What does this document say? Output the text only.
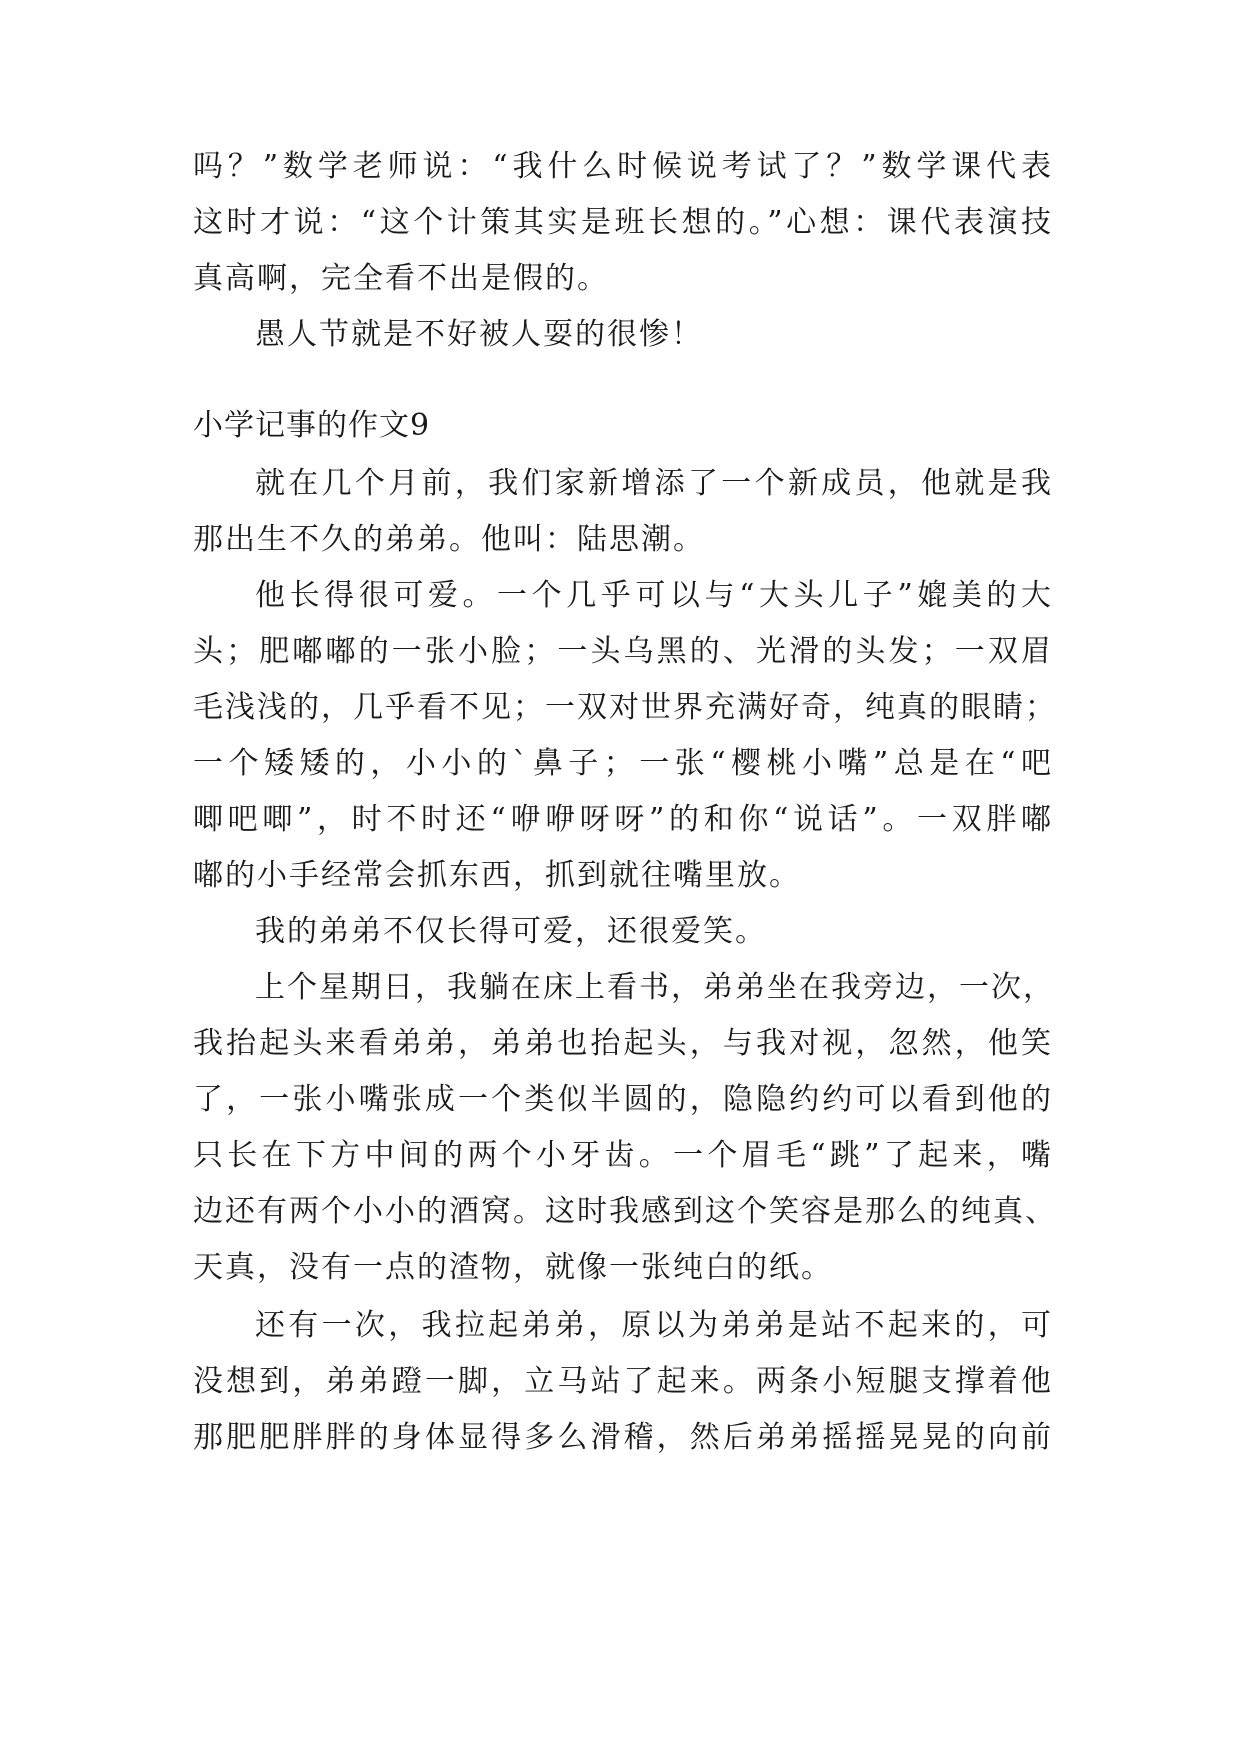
吗？”数学老师说：“我什么时候说考试了？”数学课代表
这时才说：“这个计策其实是班长想的。”心想：课代表演技
真高啊，完全看不出是假的。
愚人节就是不好被人耍的很惨！
小学记事的作文9
就在几个月前，我们家新增添了一个新成员，他就是我
那出生不久的弟弟。他叫：陆思潮。
他长得很可爱。一个几乎可以与“大头儿子”媲美的大
头；肥嘟嘟的一张小脸；一头乌黑的、光滑的头发；一双眉
毛浅浅的，几乎看不见；一双对世界充满好奇，纯真的眼睛；
一个矮矮的，小小的`鼻子；一张“樱桃小嘴”总是在“吧
唧吧唧”，时不时还“咿咿呀呀”的和你“说话”。一双胖嘟
嘟的小手经常会抓东西，抓到就往嘴里放。
我的弟弟不仅长得可爱，还很爱笑。
上个星期日，我躺在床上看书，弟弟坐在我旁边，一次，
我抬起头来看弟弟，弟弟也抬起头，与我对视，忽然，他笑
了，一张小嘴张成一个类似半圆的，隐隐约约可以看到他的
只长在下方中间的两个小牙齿。一个眉毛“跳”了起来，嘴
边还有两个小小的酒窝。这时我感到这个笑容是那么的纯真、
天真，没有一点的渣物，就像一张纯白的纸。
还有一次，我拉起弟弟，原以为弟弟是站不起来的，可
没想到，弟弟蹬一脚，立马站了起来。两条小短腿支撑着他
那肥肥胖胖的身体显得多么滑稽，然后弟弟摇摇晃晃的向前
